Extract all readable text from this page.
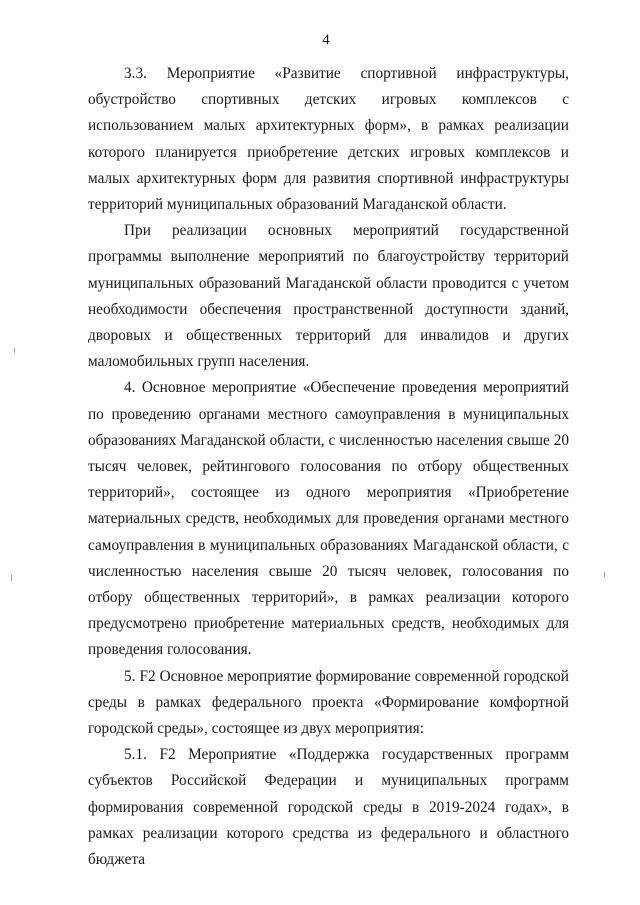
4

3.3. Мероприятие «Развитие спортивной инфраструктуры, обустройство спортивных детских игровых комплексов с использованием малых архитектурных форм», в рамках реализации которого планируется приобретение детских игровых комплексов и малых архитектурных форм для развития спортивной инфраструктуры территорий муниципальных образований Магаданской области.

При реализации основных мероприятий государственной программы выполнение мероприятий по благоустройству территорий муниципальных образований Магаданской области проводится с учетом необходимости обеспечения пространственной доступности зданий, дворовых и общественных территорий для инвалидов и других маломобильных групп населения.

4. Основное мероприятие «Обеспечение проведения мероприятий по проведению органами местного самоуправления в муниципальных образованиях Магаданской области, с численностью населения свыше 20 тысяч человек, рейтингового голосования по отбору общественных территорий», состоящее из одного мероприятия «Приобретение материальных средств, необходимых для проведения органами местного самоуправления в муниципальных образованиях Магаданской области, с численностью населения свыше 20 тысяч человек, голосования по отбору общественных территорий», в рамках реализации которого предусмотрено приобретение материальных средств, необходимых для проведения голосования.

5. F2 Основное мероприятие формирование современной городской среды в рамках федерального проекта «Формирование комфортной городской среды», состоящее из двух мероприятия:

5.1. F2 Мероприятие «Поддержка государственных программ субъектов Российской Федерации и муниципальных программ формирования современной городской среды в 2019-2024 годах», в рамках реализации которого средства из федерального и областного бюджета
